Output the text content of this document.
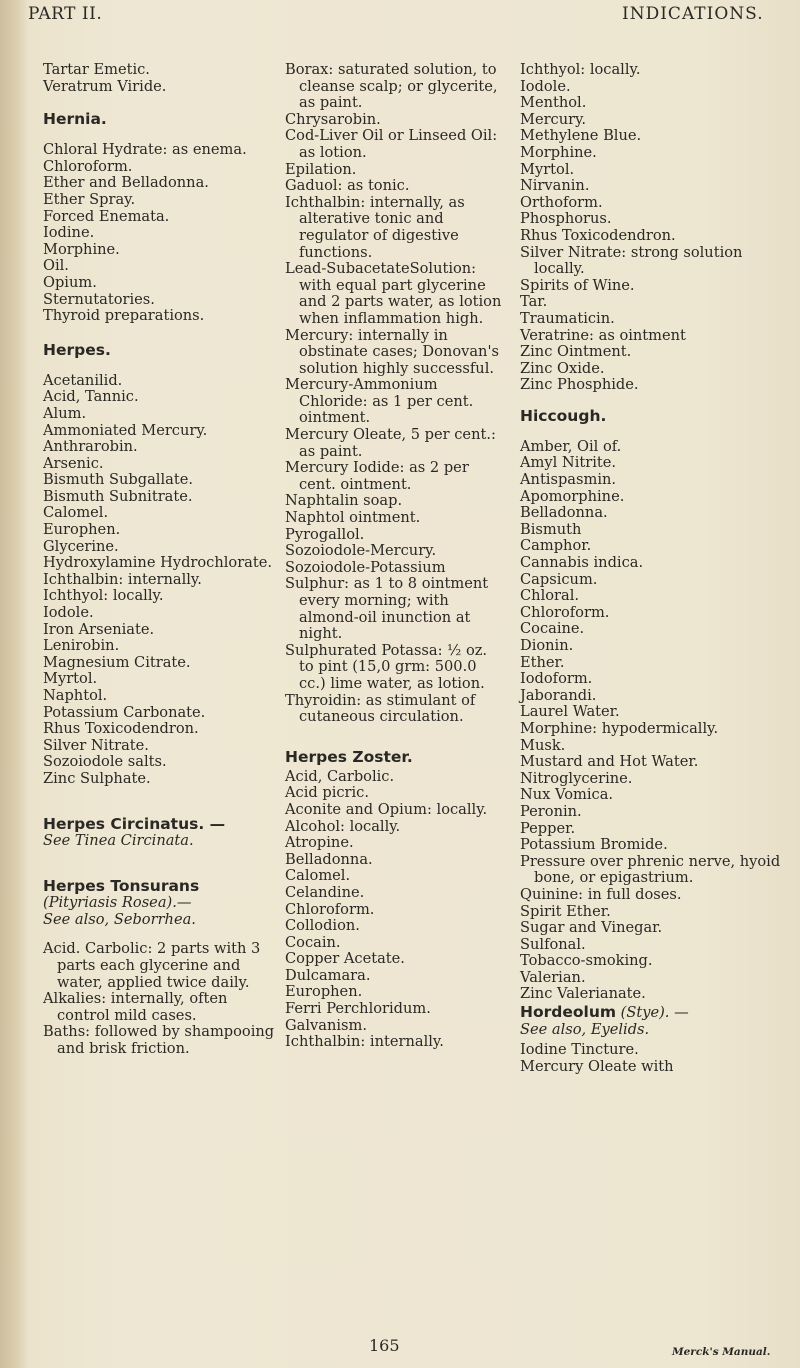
PART II.	INDICATIONS.

Tartar Emetic.

Veratrum Viride.

Hernia.

Chloral Hydrate: as enema.

Chloroform.

Ether and Belladonna.

Ether Spray.

Forced Enemata.

Iodine.

Morphine.

Oil.

Opium.

Sternutatories.

Thyroid preparations.

Herpes.

Acetanilid.

Acid, Tannic.

Alum.

Ammoniated Mercury.

Anthrarobin.

Arsenic.

Bismuth Subgallate.

Bismuth Subnitrate.

Calomel.

Europhen.

Glycerine.

Hydroxylamine Hydrochlorate.

Ichthalbin: internally.

Ichthyol: locally.

Iodole.

Iron Arseniate.

Lenirobin.

Magnesium Citrate.

Myrtol.

Naphtol.

Potassium Carbonate.

Rhus Toxicodendron.

Silver Nitrate.

Sozoiodole salts.

Zinc Sulphate.

Herpes Circinatus. —

See Tinea Circinata.

Herpes Tonsurans

(Pityriasis Rosea).—

See also, Seborrhea.

Acid. Carbolic: 2 parts with 3 parts each glycerine and water, applied twice daily.

Alkalies: internally, often control mild cases.

Baths: followed by shampooing and brisk friction.

Borax: saturated solution, to cleanse scalp; or glycerite, as paint.

Chrysarobin.

Cod-Liver Oil or Linseed Oil: as lotion.

Epilation.

Gaduol: as tonic.

Ichthalbin: internally, as alterative tonic and regulator of digestive functions.

Lead-SubacetateSolution: with equal part glycerine and 2 parts water, as lotion when inflammation high.

Mercury: internally in obstinate cases; Donovan's solution highly successful.

Mercury-Ammonium Chloride: as 1 per cent. ointment.

Mercury Oleate, 5 per cent.: as paint.

Mercury Iodide: as 2 per cent. ointment.

Naphtalin soap.

Naphtol ointment.

Pyrogallol.

Sozoiodole-Mercury.

Sozoiodole-Potassium

Sulphur: as 1 to 8 ointment every morning; with almond-oil inunction at night.

Sulphurated Potassa: ½ oz. to pint (15,0 grm: 500.0 cc.) lime water, as lotion.

Thyroidin: as stimulant of cutaneous circulation.

Herpes Zoster.

Acid, Carbolic.

Acid picric.

Aconite and Opium: locally.

Alcohol: locally.

Atropine.

Belladonna.

Calomel.

Celandine.

Chloroform.

Collodion.

Cocain.

Copper Acetate.

Dulcamara.

Europhen.

Ferri Perchloridum.

Galvanism.

Ichthalbin: internally.

Ichthyol: locally.

Iodole.

Menthol.

Mercury.

Methylene Blue.

Morphine.

Myrtol.

Nirvanin.

Orthoform.

Phosphorus.

Rhus Toxicodendron.

Silver Nitrate: strong solution locally.

Spirits of Wine.

Tar.

Traumaticin.

Veratrine: as ointment

Zinc Ointment.

Zinc Oxide.

Zinc Phosphide.

Hiccough.

Amber, Oil of.

Amyl Nitrite.

Antispasmin.

Apomorphine.

Belladonna.

Bismuth

Camphor.

Cannabis indica.

Capsicum.

Chloral.

Chloroform.

Cocaine.

Dionin.

Ether.

Iodoform.

Jaborandi.

Laurel Water.

Morphine: hypodermically.

Musk.

Mustard and Hot Water.

Nitroglycerine.

Nux Vomica.

Peronin.

Pepper.

Potassium Bromide.

Pressure over phrenic nerve, hyoid bone, or epigastrium.

Quinine: in full doses.

Spirit Ether.

Sugar and Vinegar.

Sulfonal.

Tobacco-smoking.

Valerian.

Zinc Valerianate.

Hordeolum (Stye). —

See also, Eyelids.

Iodine Tincture.

Mercury Oleate with

165	Merck's Manual.
